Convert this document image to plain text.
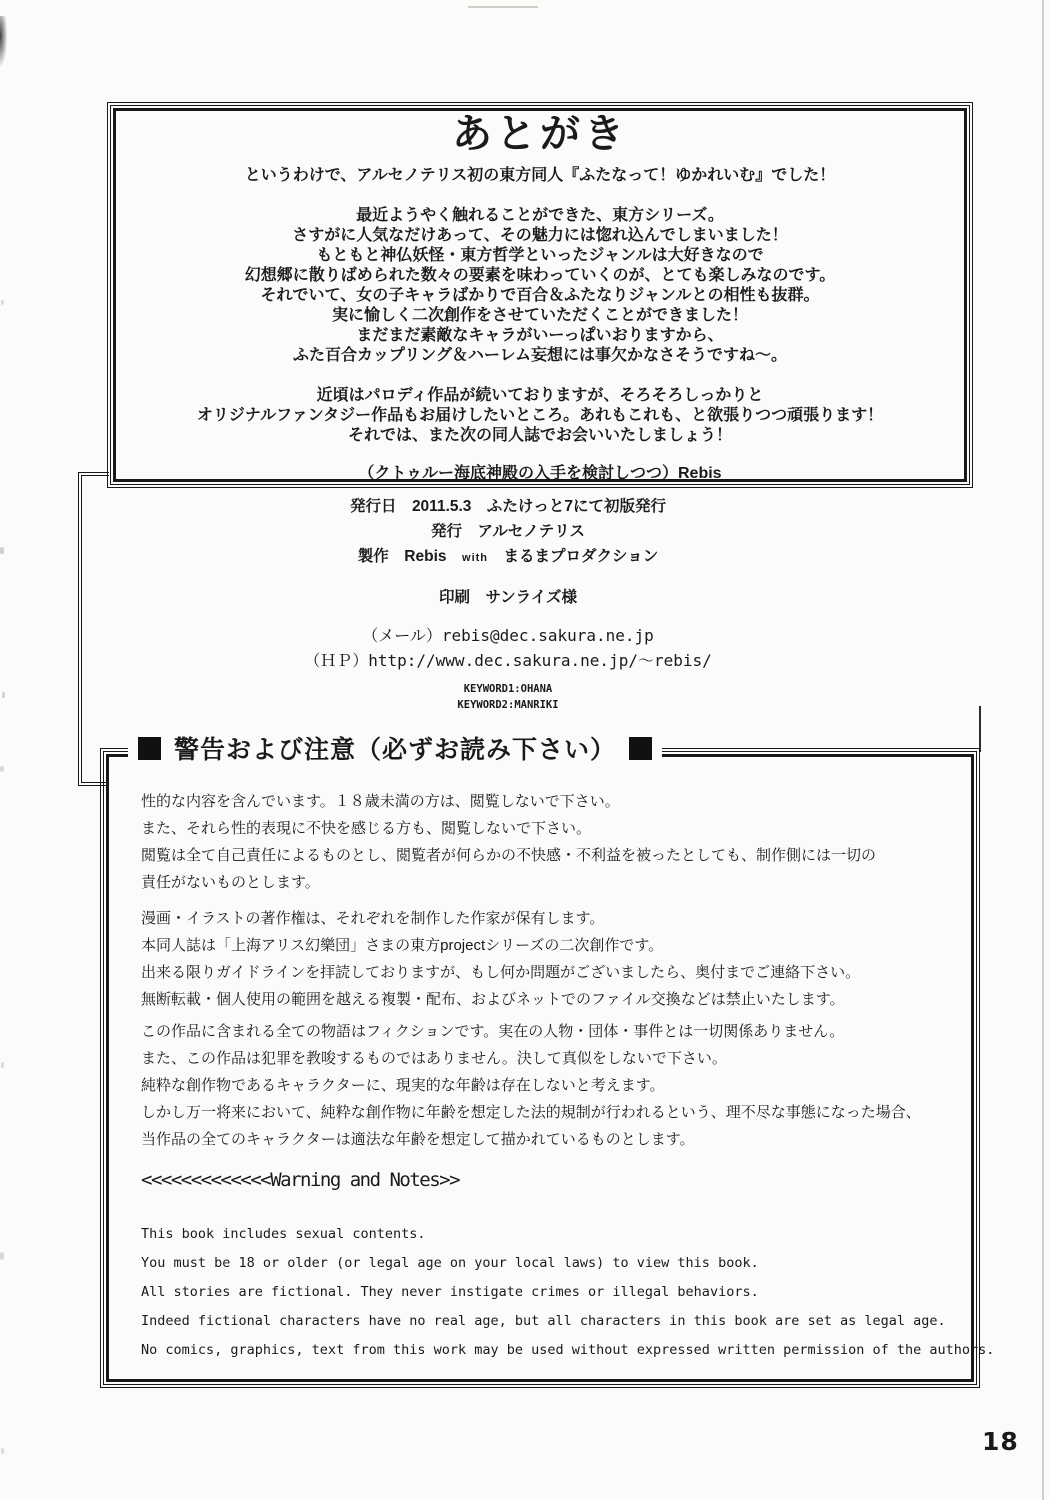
あとがき
というわけで、アルセノテリス初の東方同人『ふたなって！ゆかれいむ』でした！
最近ようやく触れることができた、東方シリーズ。
さすがに人気なだけあって、その魅力には惚れ込んでしまいました！
もともと神仏妖怪・東方哲学といったジャンルは大好きなので
幻想郷に散りばめられた数々の要素を味わっていくのが、とても楽しみなのです。
それでいて、女の子キャラばかりで百合＆ふたなりジャンルとの相性も抜群。
実に愉しく二次創作をさせていただくことができました！
まだまだ素敵なキャラがいーっぱいおりますから、
ふた百合カップリング＆ハーレム妄想には事欠かなさそうですね～。
近頃はパロディ作品が続いておりますが、そろそろしっかりと
オリジナルファンタジー作品もお届けしたいところ。あれもこれも、と欲張りつつ頑張ります！
それでは、また次の同人誌でお会いいたしましょう！
（クトゥルー海底神殿の入手を検討しつつ）Rebis
発行日　2011.5.3　ふたけっと7にて初版発行
発行　アルセノテリス
製作　 Rebis  with  まるまプロダクション
印刷　サンライズ様
（メール）rebis@dec.sakura.ne.jp
（ＨＰ）http://www.dec.sakura.ne.jp/～rebis/
KEYWORD1:OHANA
KEYWORD2:MANRIKI
性的な内容を含んでいます。１８歳未満の方は、閲覧しないで下さい。
また、それら性的表現に不快を感じる方も、閲覧しないで下さい。
閲覧は全て自己責任によるものとし、閲覧者が何らかの不快感・不利益を被ったとしても、制作側には一切の
責任がないものとします。
漫画・イラストの著作権は、それぞれを制作した作家が保有します。
本同人誌は「上海アリス幻樂団」さまの東方projectシリーズの二次創作です。
出来る限りガイドラインを拝読しておりますが、もし何か問題がございましたら、奥付までご連絡下さい。
無断転載・個人使用の範囲を越える複製・配布、およびネットでのファイル交換などは禁止いたします。
この作品に含まれる全ての物語はフィクションです。実在の人物・団体・事件とは一切関係ありません。
また、この作品は犯罪を教唆するものではありません。決して真似をしないで下さい。
純粋な創作物であるキャラクターに、現実的な年齢は存在しないと考えます。
しかし万一将来において、純粋な創作物に年齢を想定した法的規制が行われるという、理不尽な事態になった場合、
当作品の全てのキャラクターは適法な年齢を想定して描かれているものとします。
<<<<<<<<<<<<<Warning and Notes>>
This book includes sexual contents.
You must be 18 or older (or legal age on your local laws) to view this book.
All stories are fictional. They never instigate crimes or illegal behaviors.
Indeed fictional characters have no real age, but all characters in this book are set as legal age.
No comics, graphics, text from this work may be used without expressed written permission of the authors.
警告および注意（必ずお読み下さい）
18
